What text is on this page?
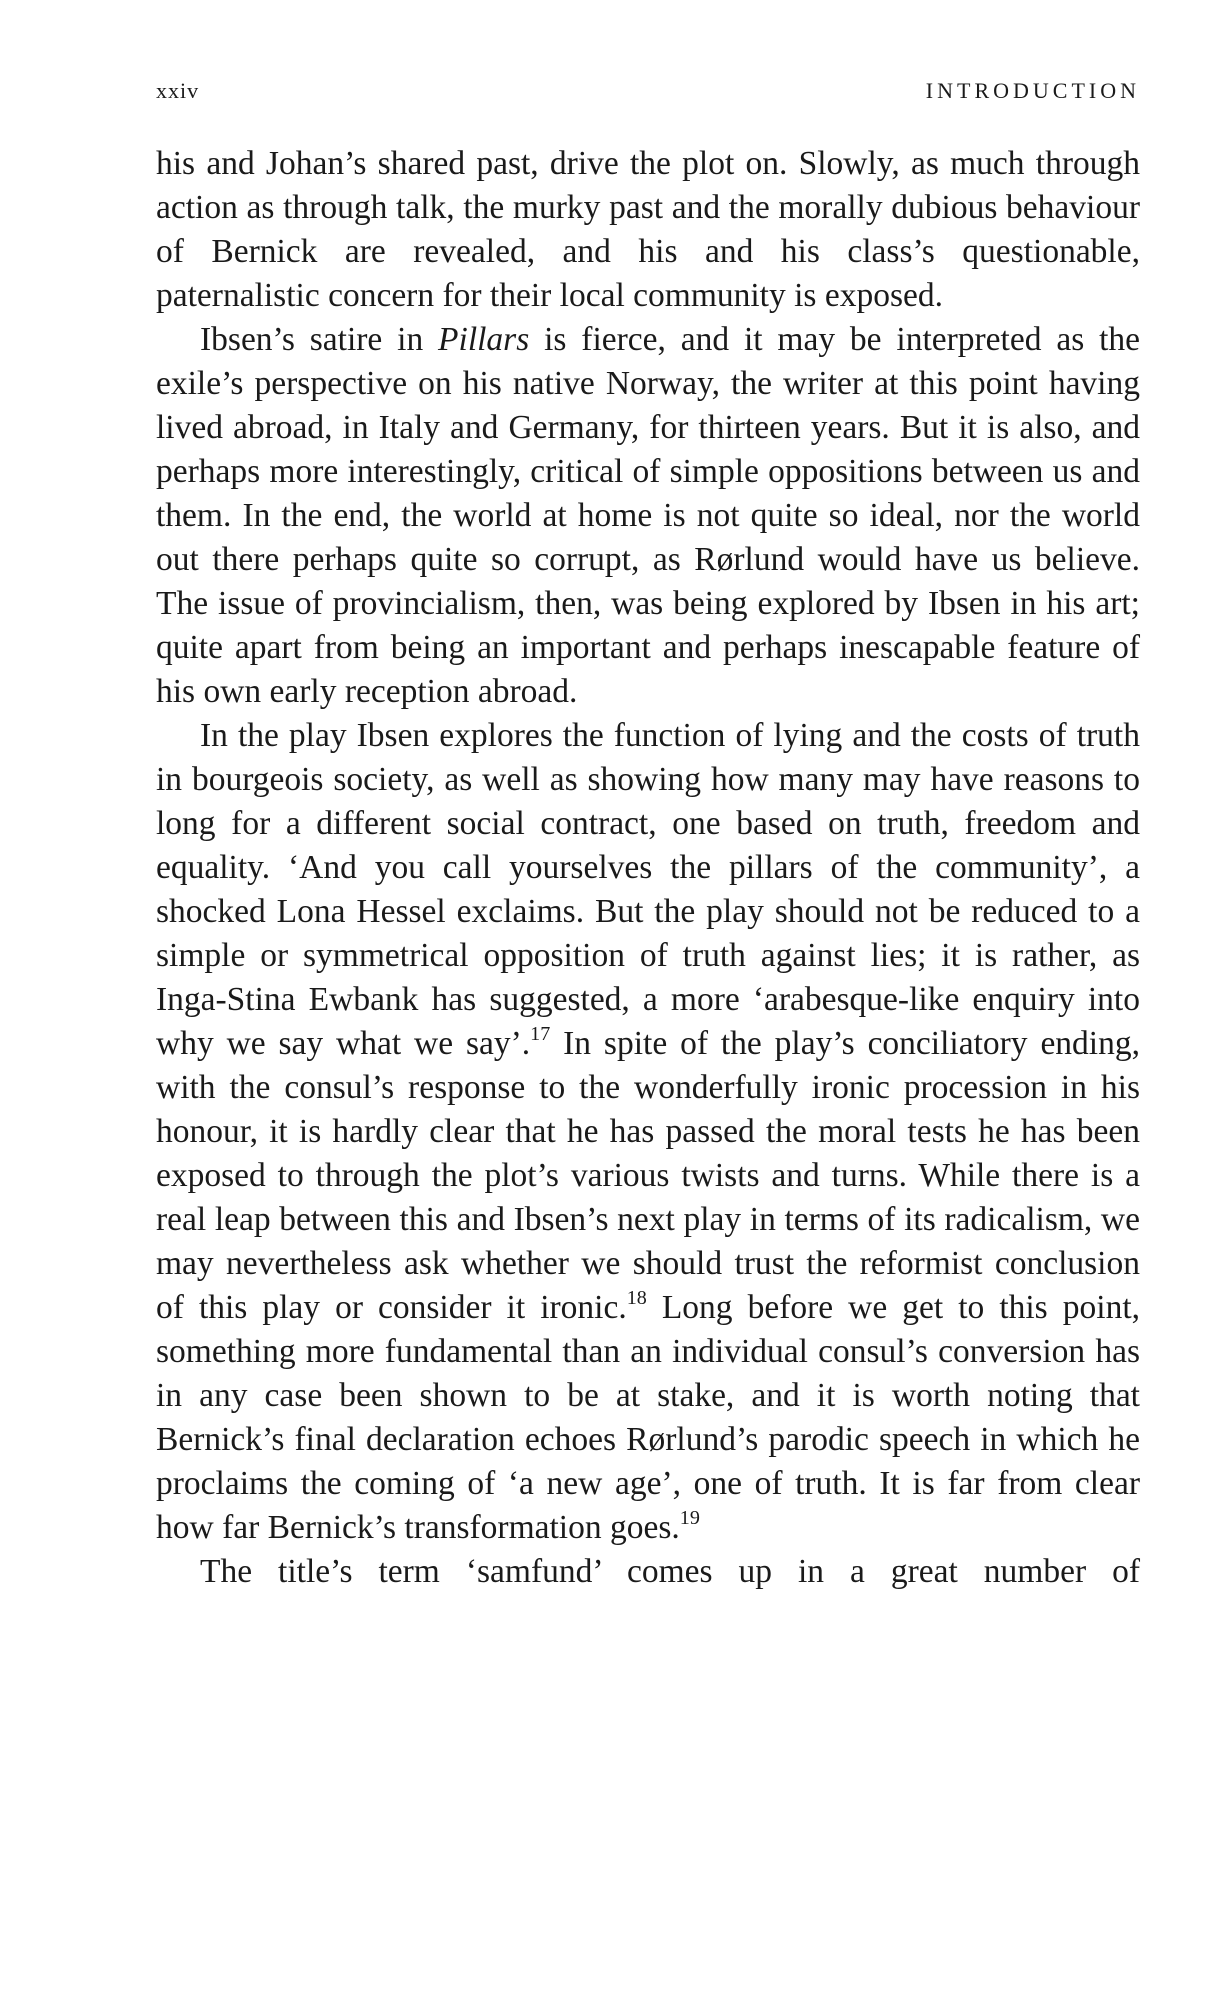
xxiv	INTRODUCTION

his and Johan’s shared past, drive the plot on. Slowly, as much through action as through talk, the murky past and the morally dubious behaviour of Bernick are revealed, and his and his class’s questionable, paternalistic concern for their local community is exposed.

Ibsen’s satire in Pillars is fierce, and it may be interpreted as the exile’s perspective on his native Norway, the writer at this point having lived abroad, in Italy and Germany, for thirteen years. But it is also, and perhaps more interestingly, critical of simple oppositions between us and them. In the end, the world at home is not quite so ideal, nor the world out there perhaps quite so corrupt, as Rørlund would have us believe. The issue of provincialism, then, was being explored by Ibsen in his art; quite apart from being an important and perhaps inescapable feature of his own early reception abroad.

In the play Ibsen explores the function of lying and the costs of truth in bourgeois society, as well as showing how many may have reasons to long for a different social contract, one based on truth, freedom and equality. ‘And you call yourselves the pillars of the community’, a shocked Lona Hessel exclaims. But the play should not be reduced to a simple or symmetrical opposition of truth against lies; it is rather, as Inga-Stina Ewbank has suggested, a more ‘arabesque-like enquiry into why we say what we say’.$^{17}$ In spite of the play’s conciliatory ending, with the consul’s response to the wonderfully ironic procession in his honour, it is hardly clear that he has passed the moral tests he has been exposed to through the plot’s various twists and turns. While there is a real leap between this and Ibsen’s next play in terms of its radicalism, we may nevertheless ask whether we should trust the reformist conclusion of this play or consider it ironic.$^{18}$ Long before we get to this point, something more fundamental than an individual consul’s conversion has in any case been shown to be at stake, and it is worth noting that Bernick’s final declaration echoes Rørlund’s parodic speech in which he proclaims the coming of ‘a new age’, one of truth. It is far from clear how far Bernick’s transformation goes.$^{19}$

The title’s term ‘samfund’ comes up in a great number of
